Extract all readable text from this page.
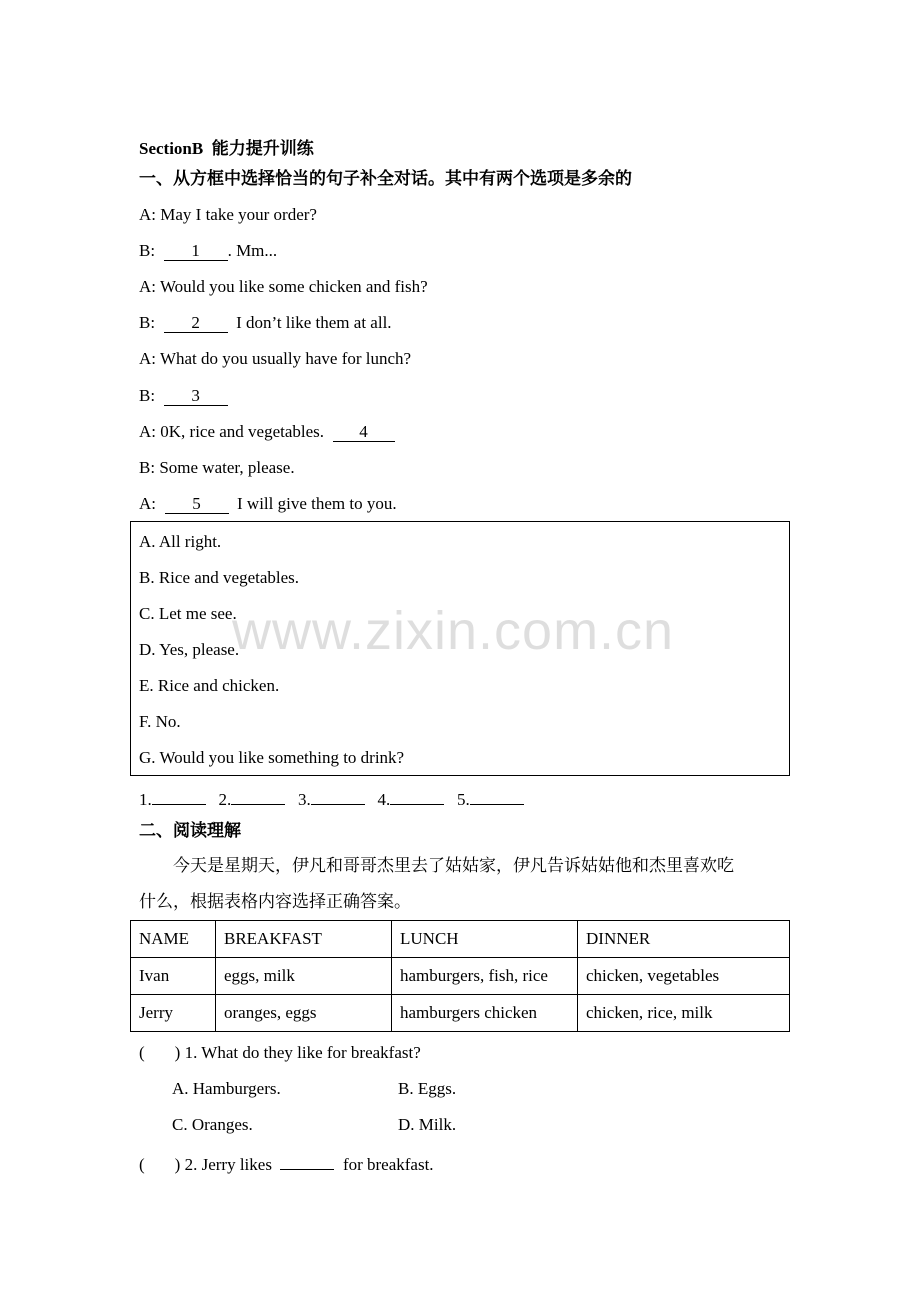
SectionB 能力提升训练
一、从方框中选择恰当的句子补全对话。其中有两个选项是多余的
A: May I take your order?
B: 1 . Mm...
A: Would you like some chicken and fish?
B: 2 I don’t like them at all.
A: What do you usually have for lunch?
B: 3
A: 0K, rice and vegetables. 4
B: Some water, please.
A: 5 I will give them to you.
A. All right.
B. Rice and vegetables.
C. Let me see.
D. Yes, please.
E. Rice and chicken.
F. No.
G. Would you like something to drink?
1.	2.	3.	4.	5.
www.zixin.com.cn
二、阅读理解
今天是星期天，伊凡和哥哥杰里去了姑姑家，伊凡告诉姑姑他和杰里喜欢吃
什么，根据表格内容选择正确答案。
NAME	BREAKFAST	LUNCH	DINNER
Ivan	eggs, milk	hamburgers, fish, rice	chicken, vegetables
Jerry	oranges, eggs	hamburgers chicken	chicken, rice, milk
( ) 1. What do they like for breakfast?
A. Hamburgers.	B. Eggs.
C. Oranges.	D. Milk.
( ) 2. Jerry likes	for breakfast.
